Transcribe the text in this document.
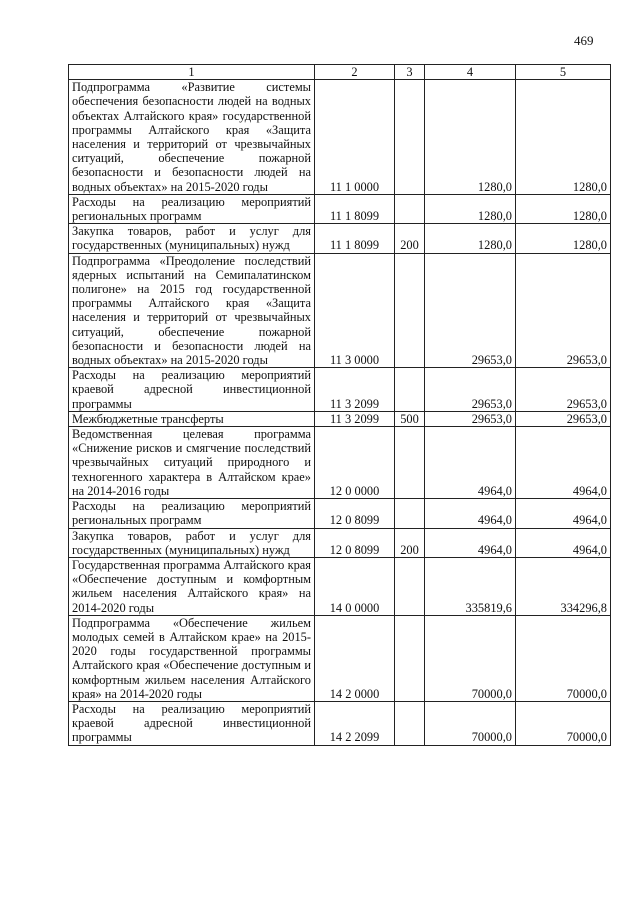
469
1	2	3	4	5
Подпрограмма «Развитие системы обеспечения безопасности людей на водных объектах Алтайского края» государственной программы Алтайского края «Защита населения и территорий от чрезвычайных ситуаций, обеспечение пожарной безопасности и безопасности людей на водных объектах» на 2015-2020 годы	11 1 0000		1280,0	1280,0
Расходы на реализацию мероприятий региональных программ	11 1 8099		1280,0	1280,0
Закупка товаров, работ и услуг для государственных (муниципальных) нужд	11 1 8099	200	1280,0	1280,0
Подпрограмма «Преодоление последствий ядерных испытаний на Семипалатинском полигоне» на 2015 год государственной программы Алтайского края «Защита населения и территорий от чрезвычайных ситуаций, обеспечение пожарной безопасности и безопасности людей на водных объектах» на 2015-2020 годы	11 3 0000		29653,0	29653,0
Расходы на реализацию мероприятий краевой адресной инвестиционной программы	11 3 2099		29653,0	29653,0
Межбюджетные трансферты	11 3 2099	500	29653,0	29653,0
Ведомственная целевая программа «Снижение рисков и смягчение последствий чрезвычайных ситуаций природного и техногенного характера в Алтайском крае» на 2014-2016 годы	12 0 0000		4964,0	4964,0
Расходы на реализацию мероприятий региональных программ	12 0 8099		4964,0	4964,0
Закупка товаров, работ и услуг для государственных (муниципальных) нужд	12 0 8099	200	4964,0	4964,0
Государственная программа Алтайского края «Обеспечение доступным и комфортным жильем населения Алтайского края» на 2014-2020 годы	14 0 0000		335819,6	334296,8
Подпрограмма «Обеспечение жильем молодых семей в Алтайском крае» на 2015-2020 годы государственной программы Алтайского края «Обеспечение доступным и комфортным жильем населения Алтайского края» на 2014-2020 годы	14 2 0000		70000,0	70000,0
Расходы на реализацию мероприятий краевой адресной инвестиционной программы	14 2 2099		70000,0	70000,0
